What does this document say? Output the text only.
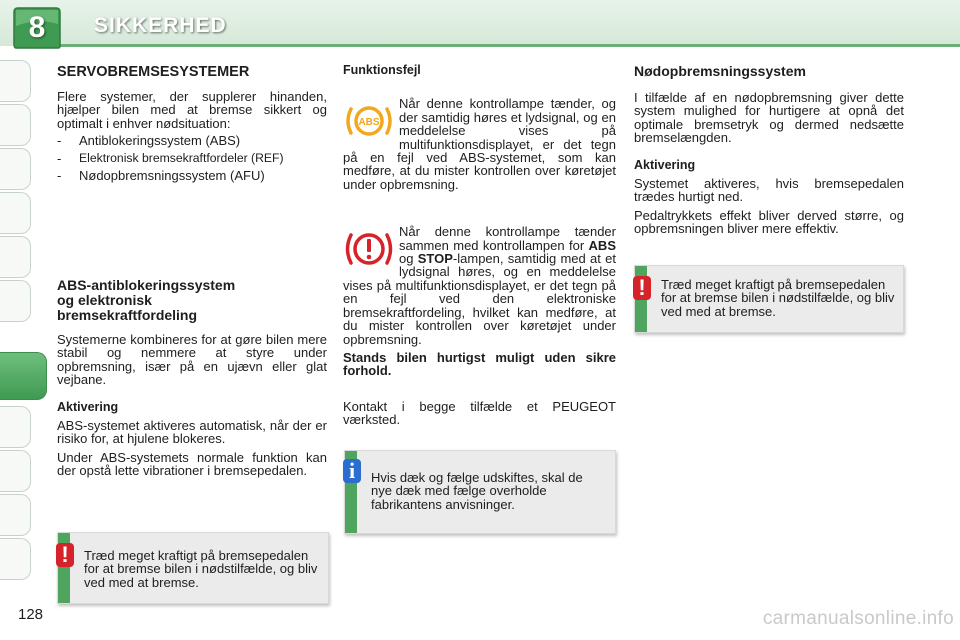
8	SIKKERHED
SERVOBREMSESYSTEMER

Flere systemer, der supplerer hinanden, hjælper bilen med at bremse sikkert og optimalt i enhver nødsituation:

-	Antiblokeringssystem (ABS)
-	Elektronisk bremsekraftfordeler (REF)
-	Nødopbremsningssystem (AFU)
ABS-antiblokeringssystem
og elektronisk
bremsekraftfordeling

Systemerne kombineres for at gøre bilen mere stabil og nemmere at styre under opbremsning, især på en ujævn eller glat vejbane.

Aktivering

ABS-systemet aktiveres automatisk, når der er risiko for, at hjulene blokeres.

Under ABS-systemets normale funktion kan der opstå lette vibrationer i bremsepedalen.

!	Træd meget kraftigt på bremsepedalen for at bremse bilen i nødstilfælde, og bliv ved med at bremse.
Funktionsfejl
ABS

Når denne kontrollampe tænder, og der samtidig høres et lydsignal, og en meddelelse vises på multifunktionsdisplayet, er det tegn på en fejl ved ABS-systemet, som kan medføre, at du mister kontrollen over køretøjet under opbremsning.

Når denne kontrollampe tænder sammen med kontrollampen for ABS og STOP-lampen, samtidig med at et lydsignal høres, og en meddelelse vises på multifunktionsdisplayet, er det tegn på en fejl ved den elektroniske bremsekraftfordeling, hvilket kan medføre, at du mister kontrollen over køretøjet under opbremsning.

Stands bilen hurtigst muligt uden sikre forhold.

Kontakt i begge tilfælde et PEUGEOT værksted.

i	Hvis dæk og fælge udskiftes, skal de nye dæk med fælge overholde fabrikantens anvisninger.
Nødopbremsningssystem

I tilfælde af en nødopbremsning giver dette system mulighed for hurtigere at opnå det optimale bremsetryk og dermed nedsætte bremselængden.

Aktivering

Systemet aktiveres, hvis bremsepedalen trædes hurtigt ned.

Pedaltrykkets effekt bliver derved større, og opbremsningen bliver mere effektiv.

!	Træd meget kraftigt på bremsepedalen for at bremse bilen i nødstilfælde, og bliv ved med at bremse.
128	carmanualsonline.info
